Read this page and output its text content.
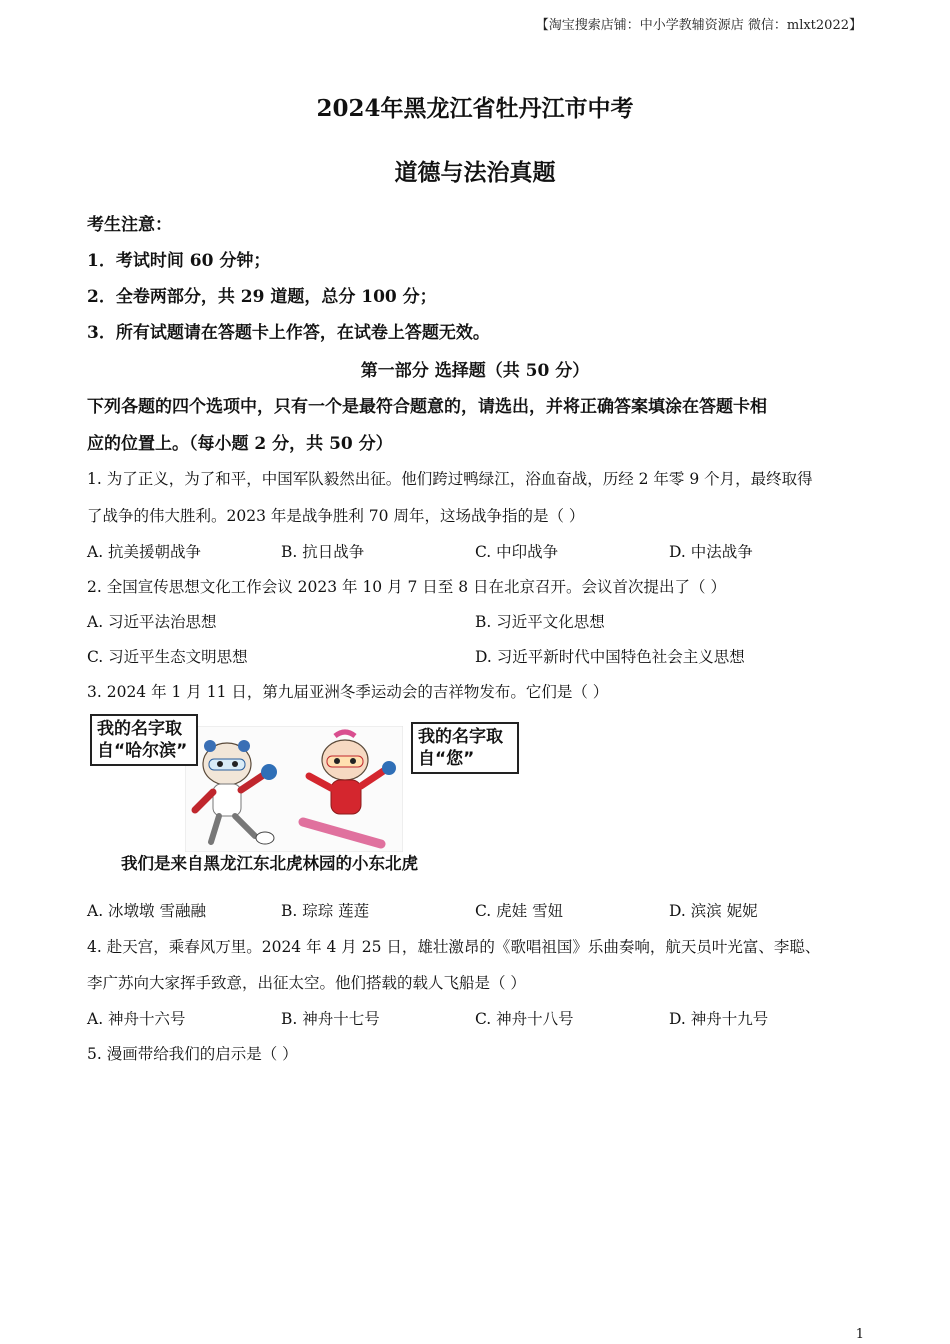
【淘宝搜索店铺：中小学教辅资源店 微信：mlxt2022】
2024年黑龙江省牡丹江市中考
道德与法治真题
考生注意：
1．考试时间 60 分钟；
2．全卷两部分，共 29 道题，总分 100 分；
3．所有试题请在答题卡上作答，在试卷上答题无效。
第一部分 选择题（共 50 分）
下列各题的四个选项中，只有一个是最符合题意的，请选出，并将正确答案填涂在答题卡相
应的位置上。（每小题 2 分，共 50 分）
1. 为了正义，为了和平，中国军队毅然出征。他们跨过鸭绿江，浴血奋战，历经 2 年零 9 个月，最终取得
了战争的伟大胜利。2023 年是战争胜利 70 周年，这场战争指的是（ ）
A. 抗美援朝战争	B. 抗日战争	C. 中印战争	D. 中法战争
2. 全国宣传思想文化工作会议 2023 年 10 月 7 日至 8 日在北京召开。会议首次提出了（ ）
A. 习近平法治思想	B. 习近平文化思想
C. 习近平生态文明思想	D. 习近平新时代中国特色社会主义思想
3. 2024 年 1 月 11 日，第九届亚洲冬季运动会的吉祥物发布。它们是（ ）
我的名字取自“哈尔滨”
我的名字取自“您”
我们是来自黑龙江东北虎林园的小东北虎
A. 冰墩墩 雪融融	B. 琮琮 莲莲	C. 虎娃 雪妞	D. 滨滨 妮妮
4. 赴天宫，乘春风万里。2024 年 4 月 25 日，雄壮激昂的《歌唱祖国》乐曲奏响，航天员叶光富、李聪、
李广苏向大家挥手致意，出征太空。他们搭载的载人飞船是（ ）
A. 神舟十六号	B. 神舟十七号	C. 神舟十八号	D. 神舟十九号
5. 漫画带给我们的启示是（ ）
1
